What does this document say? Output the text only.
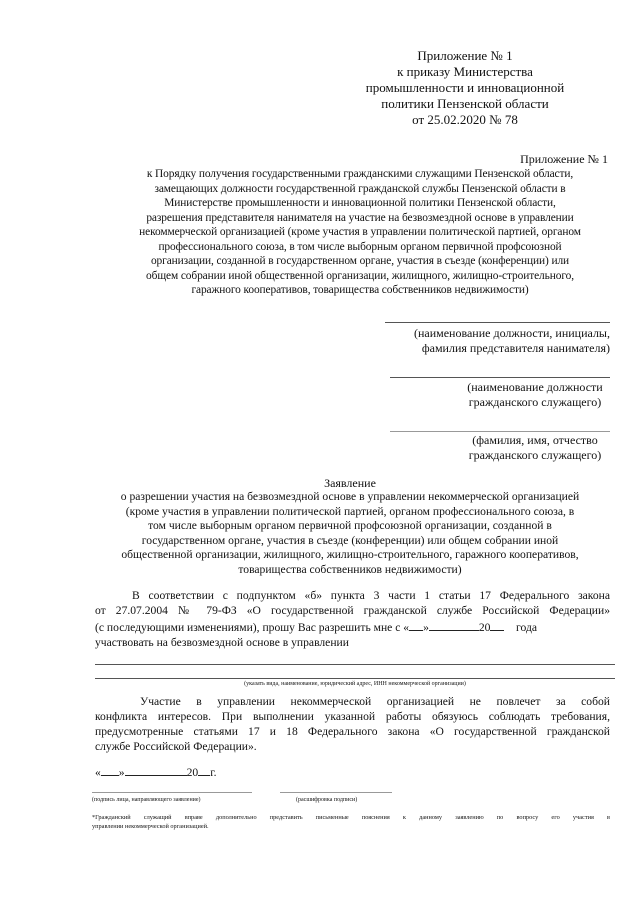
Приложение № 1
к приказу Министерства
промышленности и инновационной
политики Пензенской области
от 25.02.2020 № 78
Приложение № 1
к Порядку получения государственными гражданскими служащими Пензенской области,
замещающих должности государственной гражданской службы Пензенской области в
Министерстве промышленности и инновационной политики Пензенской области,
разрешения представителя нанимателя на участие на безвозмездной основе в управлении
некоммерческой организацией (кроме участия в управлении политической партией, органом
профессионального союза, в том числе выборным органом первичной профсоюзной
организации, созданной в государственном органе, участия в съезде (конференции) или
общем собрании иной общественной организации, жилищного, жилищно-строительного,
гаражного кооперативов, товарищества собственников недвижимости)
(наименование должности, инициалы,
фамилия представителя нанимателя)
(наименование должности
гражданского служащего)
(фамилия, имя, отчество
гражданского служащего)
Заявление
о разрешении участия на безвозмездной основе в управлении некоммерческой организацией
(кроме участия в управлении политической партией, органом профессионального союза, в
том числе выборным органом первичной профсоюзной организации, созданной в
государственном органе, участия в съезде (конференции) или общем собрании иной
общественной организации, жилищного, жилищно-строительного, гаражного кооперативов,
товарищества собственников недвижимости)
В соответствии с подпунктом «б» пункта 3 части 1 статьи 17 Федерального закона
от 27.07.2004 № 79-ФЗ «О государственной гражданской службе Российской Федерации»
(с последующими изменениями), прошу Вас разрешить мне с « »	20 года
участвовать на безвозмездной основе в управлении
(указать вида, наименование, юридический адрес, ИНН некоммерческой организации)
Участие в управлении некоммерческой организацией не повлечет за собой
конфликта интересов. При выполнении указанной работы обязуюсь соблюдать требования,
предусмотренные статьями 17 и 18 Федерального закона «О государственной гражданской
службе Российской Федерации».
« »	20 г.
(подпись лица, направляющего заявление)	(расшифровка подписи)
*Гражданский служащий вправе дополнительно представить письменные пояснения к данному заявлению по вопросу его участия в
управлении некоммерческой организацией.
